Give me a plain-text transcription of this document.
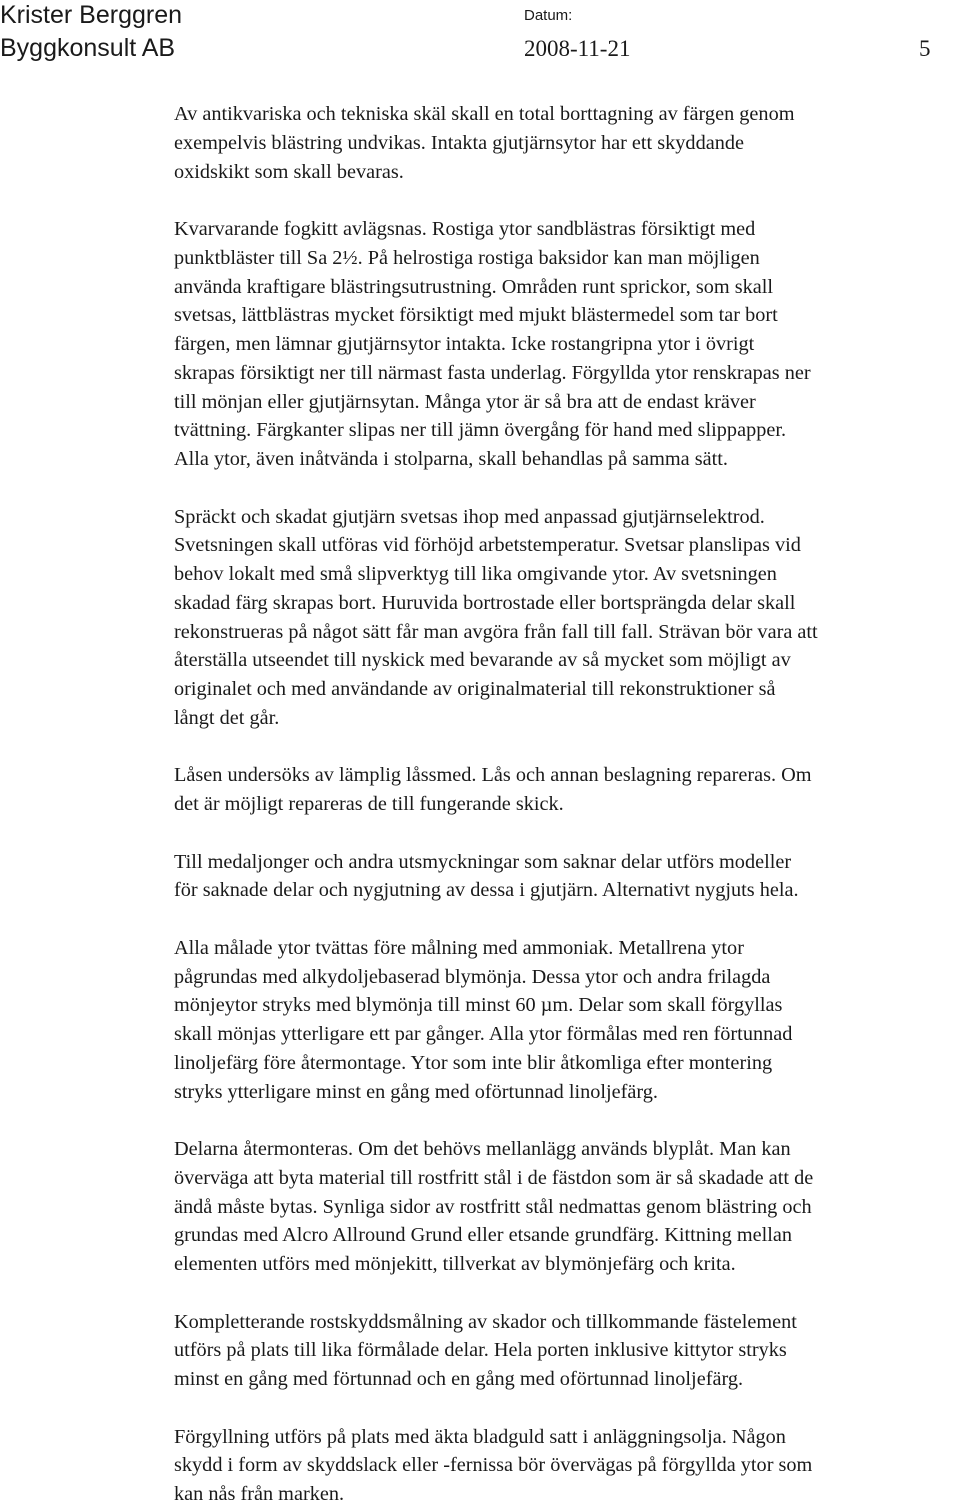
Krister Berggren
Byggkonsult AB
Datum:
2008-11-21	5

Av antikvariska och tekniska skäl skall en total borttagning av färgen genom
exempelvis blästring undvikas. Intakta gjutjärnsytor har ett skyddande
oxidskikt som skall bevaras.

Kvarvarande fogkitt avlägsnas. Rostiga ytor sandblästras försiktigt med
punktbläster till Sa 2½. På helrostiga rostiga baksidor kan man möjligen
använda kraftigare blästringsutrustning. Områden runt sprickor, som skall
svetsas, lättblästras mycket försiktigt med mjukt blästermedel som tar bort
färgen, men lämnar gjutjärnsytor intakta. Icke rostangripna ytor i övrigt
skrapas försiktigt ner till närmast fasta underlag. Förgyllda ytor renskrapas ner
till mönjan eller gjutjärnsytan. Många ytor är så bra att de endast kräver
tvättning. Färgkanter slipas ner till jämn övergång för hand med slippapper.
Alla ytor, även inåtvända i stolparna, skall behandlas på samma sätt.

Spräckt och skadat gjutjärn svetsas ihop med anpassad gjutjärnselektrod.
Svetsningen skall utföras vid förhöjd arbetstemperatur. Svetsar planslipas vid
behov lokalt med små slipverktyg till lika omgivande ytor. Av svetsningen
skadad färg skrapas bort. Huruvida bortrostade eller bortsprängda delar skall
rekonstrueras på något sätt får man avgöra från fall till fall. Strävan bör vara att
återställa utseendet till nyskick med bevarande av så mycket som möjligt av
originalet och med användande av originalmaterial till rekonstruktioner så
långt det går.

Låsen undersöks av lämplig låssmed. Lås och annan beslagning repareras. Om
det är möjligt repareras de till fungerande skick.

Till medaljonger och andra utsmyckningar som saknar delar utförs modeller
för saknade delar och nygjutning av dessa i gjutjärn. Alternativt nygjuts hela.

Alla målade ytor tvättas före målning med ammoniak. Metallrena ytor
pågrundas med alkydoljebaserad blymönja. Dessa ytor och andra frilagda
mönjeytor stryks med blymönja till minst 60 µm. Delar som skall förgyllas
skall mönjas ytterligare ett par gånger. Alla ytor förmålas med ren förtunnad
linoljefärg före återmontage. Ytor som inte blir åtkomliga efter montering
stryks ytterligare minst en gång med oförtunnad linoljefärg.

Delarna återmonteras. Om det behövs mellanlägg används blyplåt. Man kan
överväga att byta material till rostfritt stål i de fästdon som är så skadade att de
ändå måste bytas. Synliga sidor av rostfritt stål nedmattas genom blästring och
grundas med Alcro Allround Grund eller etsande grundfärg. Kittning mellan
elementen utförs med mönjekitt, tillverkat av blymönjefärg och krita.

Kompletterande rostskyddsmålning av skador och tillkommande fästelement
utförs på plats till lika förmålade delar. Hela porten inklusive kittytor stryks
minst en gång med förtunnad och en gång med oförtunnad linoljefärg.

Förgyllning utförs på plats med äkta bladguld satt i anläggningsolja. Någon
skydd i form av skyddslack eller -fernissa bör övervägas på förgyllda ytor som
kan nås från marken.
